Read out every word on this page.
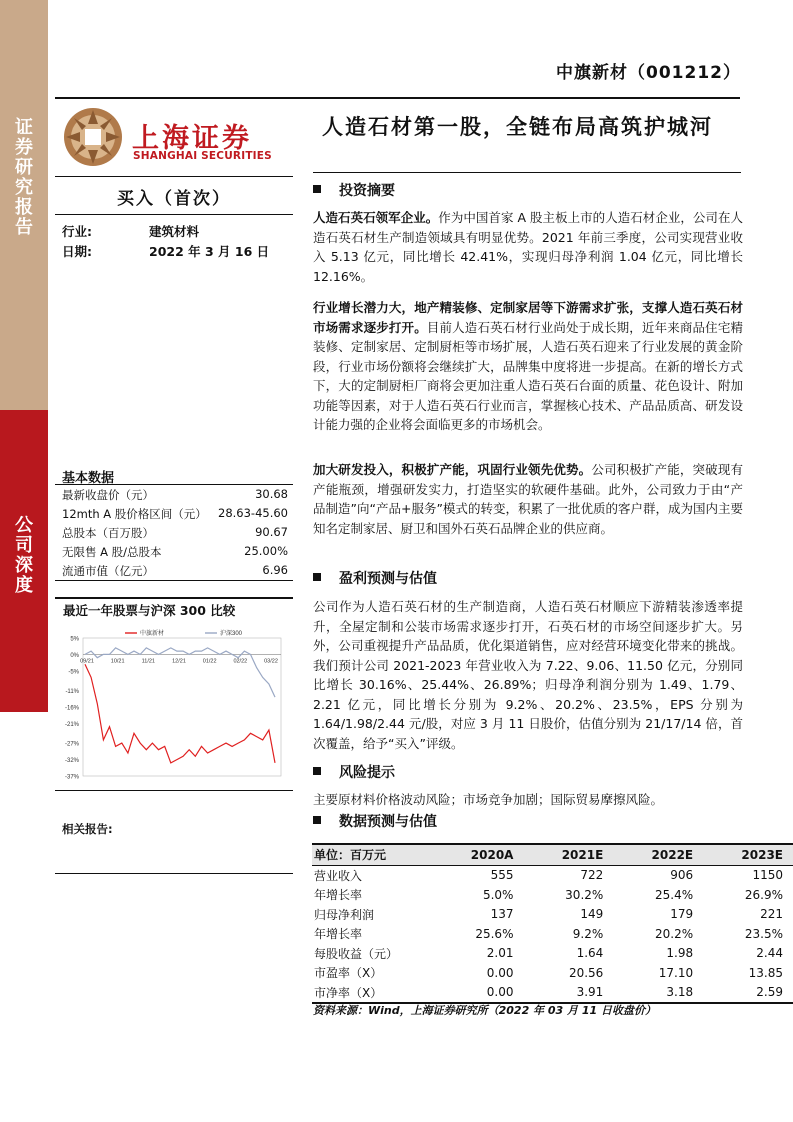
证券研究报告
公司深度
中旗新材（001212）
上海证券
SHANGHAI SECURITIES
人造石材第一股，全链布局高筑护城河
买入（首次）
行业:	建筑材料
日期:	2022 年 3 月 16 日
基本数据
最新收盘价（元）	30.68
12mth A 股价格区间（元） 28.63-45.60
总股本（百万股）	90.67
无限售 A 股/总股本	25.00%
流通市值（亿元）	6.96
最近一年股票与沪深 300 比较
5%
0%
-5%
-11%
-16%
-21%
-27%
-32%
-37%
09/21	10/21	11/21	12/21	01/22	02/22	03/22
中旗新材	沪深300
相关报告:
投资摘要
人造石英石领军企业。作为中国首家 A 股主板上市的人造石材企业，公司在人造石英石材生产制造领域具有明显优势。2021 年前三季度，公司实现营业收入 5.13 亿元，同比增长 42.41%，实现归母净利润 1.04 亿元，同比增长 12.16%。
行业增长潜力大，地产精装修、定制家居等下游需求扩张，支撑人造石英石材市场需求逐步打开。目前人造石英石材行业尚处于成长期，近年来商品住宅精装修、定制家居、定制厨柜等市场扩展，人造石英石迎来了行业发展的黄金阶段，行业市场份额将会继续扩大，品牌集中度将进一步提高。在新的增长方式下，大的定制厨柜厂商将会更加注重人造石英石台面的质量、花色设计、附加功能等因素，对于人造石英石行业而言，掌握核心技术、产品品质高、研发设计能力强的企业将会面临更多的市场机会。
加大研发投入，积极扩产能，巩固行业领先优势。公司积极扩产能，突破现有产能瓶颈，增强研发实力，打造坚实的软硬件基础。此外，公司致力于由“产品制造”向“产品+服务”模式的转变，积累了一批优质的客户群，成为国内主要知名定制家居、厨卫和国外石英石品牌企业的供应商。
盈利预测与估值
公司作为人造石英石材的生产制造商，人造石英石材顺应下游精装渗透率提升，全屋定制和公装市场需求逐步打开，石英石材的市场空间逐步扩大。另外，公司重视提升产品品质，优化渠道销售，应对经营环境变化带来的挑战。我们预计公司 2021-2023 年营业收入为 7.22、9.06、11.50 亿元，分别同比增长 30.16%、25.44%、26.89%；归母净利润分别为 1.49、1.79、2.21 亿元，同比增长分别为 9.2%、20.2%、23.5%，EPS 分别为 1.64/1.98/2.44 元/股，对应 3 月 11 日股价，估值分别为 21/17/14 倍，首次覆盖，给予“买入”评级。
风险提示
主要原材料价格波动风险；市场竞争加剧；国际贸易摩擦风险。
数据预测与估值
单位：百万元	2020A	2021E	2022E	2023E
营业收入	555	722	906	1150
年增长率	5.0%	30.2%	25.4%	26.9%
归母净利润	137	149	179	221
年增长率	25.6%	9.2%	20.2%	23.5%
每股收益（元）	2.01	1.64	1.98	2.44
市盈率（X）	0.00	20.56	17.10	13.85
市净率（X）	0.00	3.91	3.18	2.59
资料来源：Wind，上海证券研究所（2022 年 03 月 11 日收盘价）
